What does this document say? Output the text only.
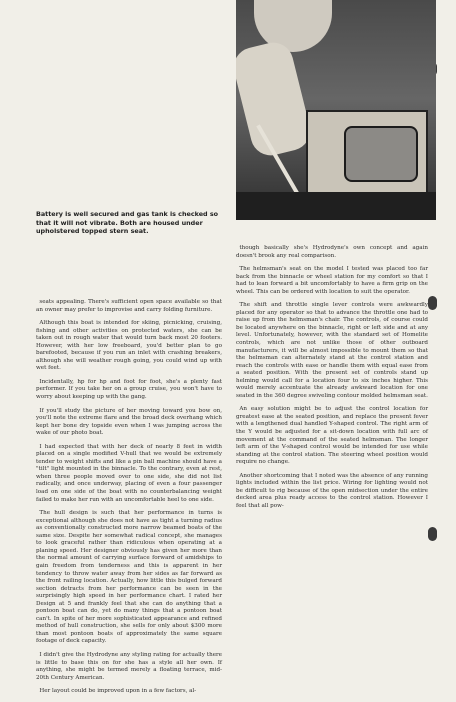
Battery is well secured and gas tank is checked so that it will not vibrate. Both are housed under upholstered topped stern seat.

seats appealing. There's sufficient open space available so that an owner may prefer to improvise and carry folding furniture.

Although this boat is intended for skiing, picnicking, cruising, fishing and other activities on protected waters, she can be taken out in rough water that would turn back most 20 footers. However, with her low freeboard, you'd better plan to go barefooted, because if you run an inlet with crashing breakers, although she will weather rough going, you could wind up with wet feet.

Incidentally, hp for hp and foot for foot, she's a plenty fast performer. If you take her on a group cruise, you won't have to worry about keeping up with the gang.

If you'll study the picture of her moving toward you bow on, you'll note the extreme flare and the broad deck overhang which kept her bone dry topside even when I was jumping across the wake of our photo boat.

I had expected that with her deck of nearly 8 feet in width placed on a single modified V-hull that we would be extremely tender to weight shifts and like a pin ball machine should have a "tilt" light mounted in the binnacle. To the contrary, even at rest, when three people moved over to one side, she did not list radically, and once underway, placing of even a four passenger load on one side of the boat with no counterbalancing weight failed to make her run with an uncomfortable heel to one side.

The hull design is such that her performance in turns is exceptional although she does not have as tight a turning radius as conventionally constructed more narrow beamed boats of the same size. Despite her somewhat radical concept, she manages to look graceful rather than ridiculous when operating at a planing speed. Her designer obviously has given her more than the normal amount of carrying surface forward of amidships to gain freedom from tenderness and this is apparent in her tendency to throw water away from her sides as far forward as the front railing location. Actually, how little this bulged forward section detracts from her performance can be seen in the surprisingly high speed in her performance chart. I rated her Design at 5 and frankly feel that she can do anything that a pontoon boat can do, yet do many things that a pontoon boat can't. In spite of her more sophisticated appearance and refined method of hull construction, she sells for only about $300 more than most pontoon boats of approximately the same square footage of deck capacity.

I didn't give the Hydrodyne any styling rating for actually there is little to base this on for she has a style all her own. If anything, she might be termed merely a floating terrace, mid-20th Century American.

Her layout could be improved upon in a few factors, al-

though basically she's Hydrodyne's own concept and again doesn't brook any real comparison.

The helmsman's seat on the model I tested was placed too far back from the binnacle or wheel station for my comfort so that I had to lean forward a bit uncomfortably to have a firm grip on the wheel. This can be ordered with location to suit the operator.

The shift and throttle single lever controls were awkwardly placed for any operator so that to advance the throttle one had to raise up from the helmsman's chair. The controls, of course could be located anywhere on the binnacle, right or left side and at any level. Unfortunately, however, with the standard set of Homelite controls, which are not unlike those of other outboard manufacturers, it will be almost impossible to mount them so that the helmsman can alternately stand at the control station and reach the controls with ease or handle them with equal ease from a seated position. With the present set of controls stand up helming would call for a location four to six inches higher. This would merely accentuate the already awkward location for one seated in the 360 degree swiveling contour molded helmsman seat.

An easy solution might be to adjust the control location for greatest ease at the seated position, and replace the present fever with a lengthened dual handled Y-shaped control. The right arm of the Y would be adjusted for a sit-down location with full arc of movement at the command of the seated helmsman. The longer left arm of the V-shaped control would be intended for use while standing at the control station. The steering wheel position would require no change.

Another shortcoming that I noted was the absence of any running lights included within the list price. Wiring for lighting would not be difficult to rig because of the open midsection under the entire decked area plus ready access to the control station. However I feel that all pow-
